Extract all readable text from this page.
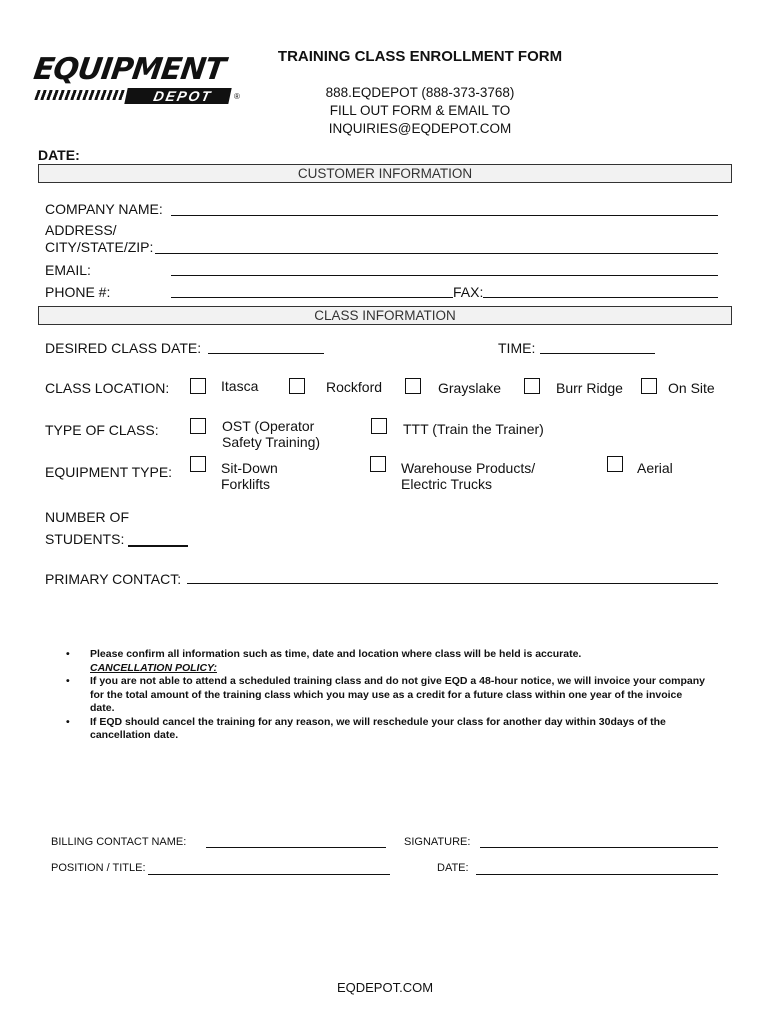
EQUIPMENT
DEPOT	®
TRAINING CLASS ENROLLMENT FORM
888.EQDEPOT (888-373-3768)
FILL OUT FORM & EMAIL TO
INQUIRIES@EQDEPOT.COM
DATE:
CUSTOMER INFORMATION
COMPANY NAME:
ADDRESS/
CITY/STATE/ZIP:
EMAIL:
PHONE #:	FAX:
CLASS INFORMATION
DESIRED CLASS DATE:	TIME:
CLASS LOCATION:	Itasca	Rockford	Grayslake	Burr Ridge	On Site
TYPE OF CLASS:	OST (Operator
Safety Training)
TTT (Train the Trainer)
EQUIPMENT TYPE:	Sit-Down
Forklifts
Warehouse Products/
Electric Trucks
Aerial
NUMBER OF
STUDENTS:
PRIMARY CONTACT:
•	Please confirm all information such as time, date and location where class will be held is accurate.
CANCELLATION POLICY:
•	If you are not able to attend a scheduled training class and do not give EQD a 48-hour notice, we will invoice your company for the total amount of the training class which you may use as a credit for a future class within one year of the invoice date.
•	If EQD should cancel the training for any reason, we will reschedule your class for another day within 30days of the cancellation date.
BILLING CONTACT NAME:	SIGNATURE:
POSITION / TITLE:	DATE:
EQDEPOT.COM
